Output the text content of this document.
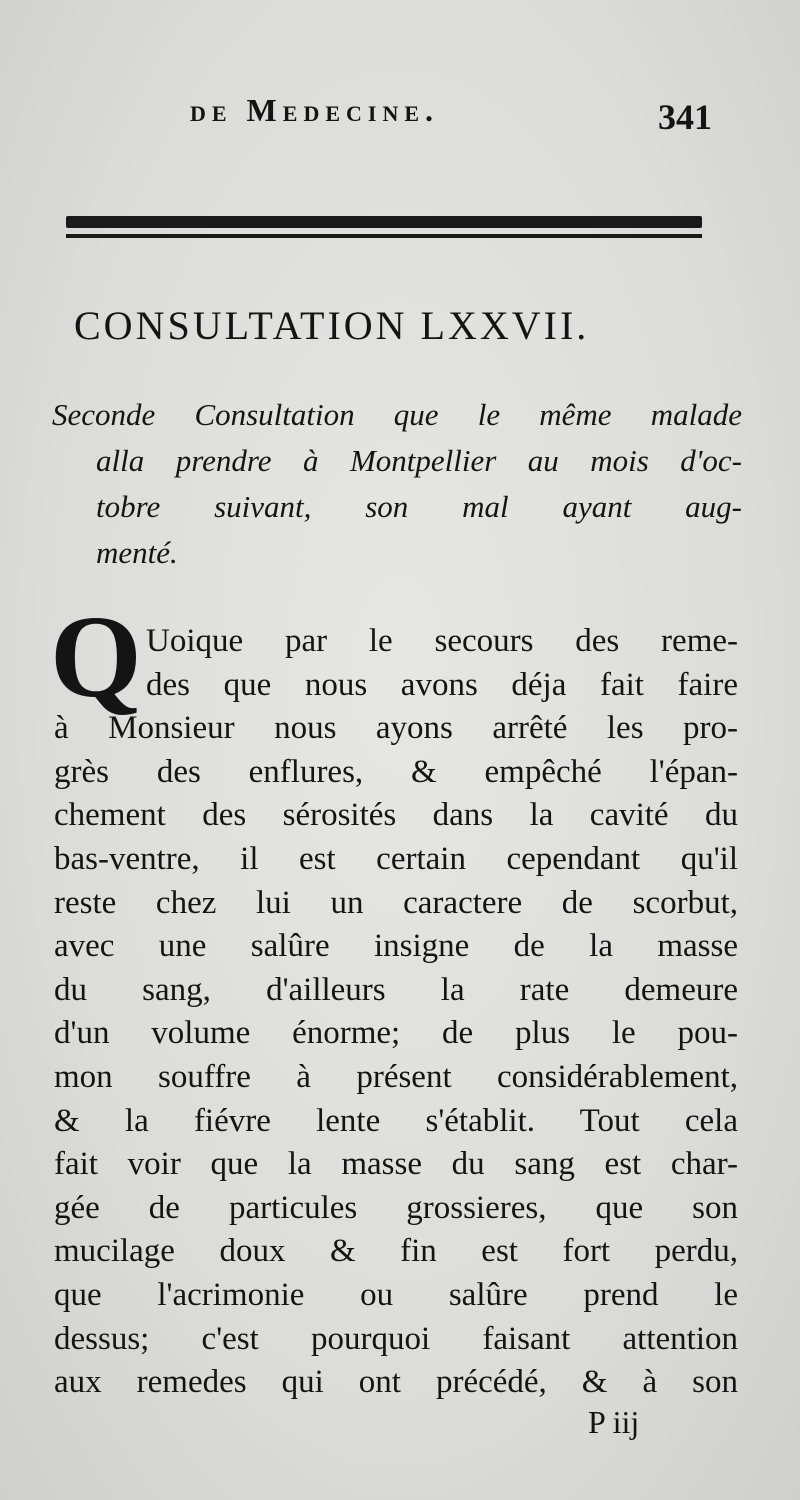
de Medecine.	341
CONSULTATION LXXVII.
Seconde Consultation que le même malade
alla prendre à Montpellier au mois d'oc-
tobre suivant, son mal ayant aug-
menté.
Q Uoique par le secours des reme-
des que nous avons déja fait faire
à Monsieur nous ayons arrêté les pro-
grès des enflures, & empêché l'épan-
chement des sérosités dans la cavité du
bas-ventre, il est certain cependant qu'il
reste chez lui un caractere de scorbut,
avec une salûre insigne de la masse
du sang, d'ailleurs la rate demeure
d'un volume énorme; de plus le pou-
mon souffre à présent considérablement,
& la fiévre lente s'établit. Tout cela
fait voir que la masse du sang est char-
gée de particules grossieres, que son
mucilage doux & fin est fort perdu,
que l'acrimonie ou salûre prend le
dessus; c'est pourquoi faisant attention
aux remedes qui ont précédé, & à son
P iij
